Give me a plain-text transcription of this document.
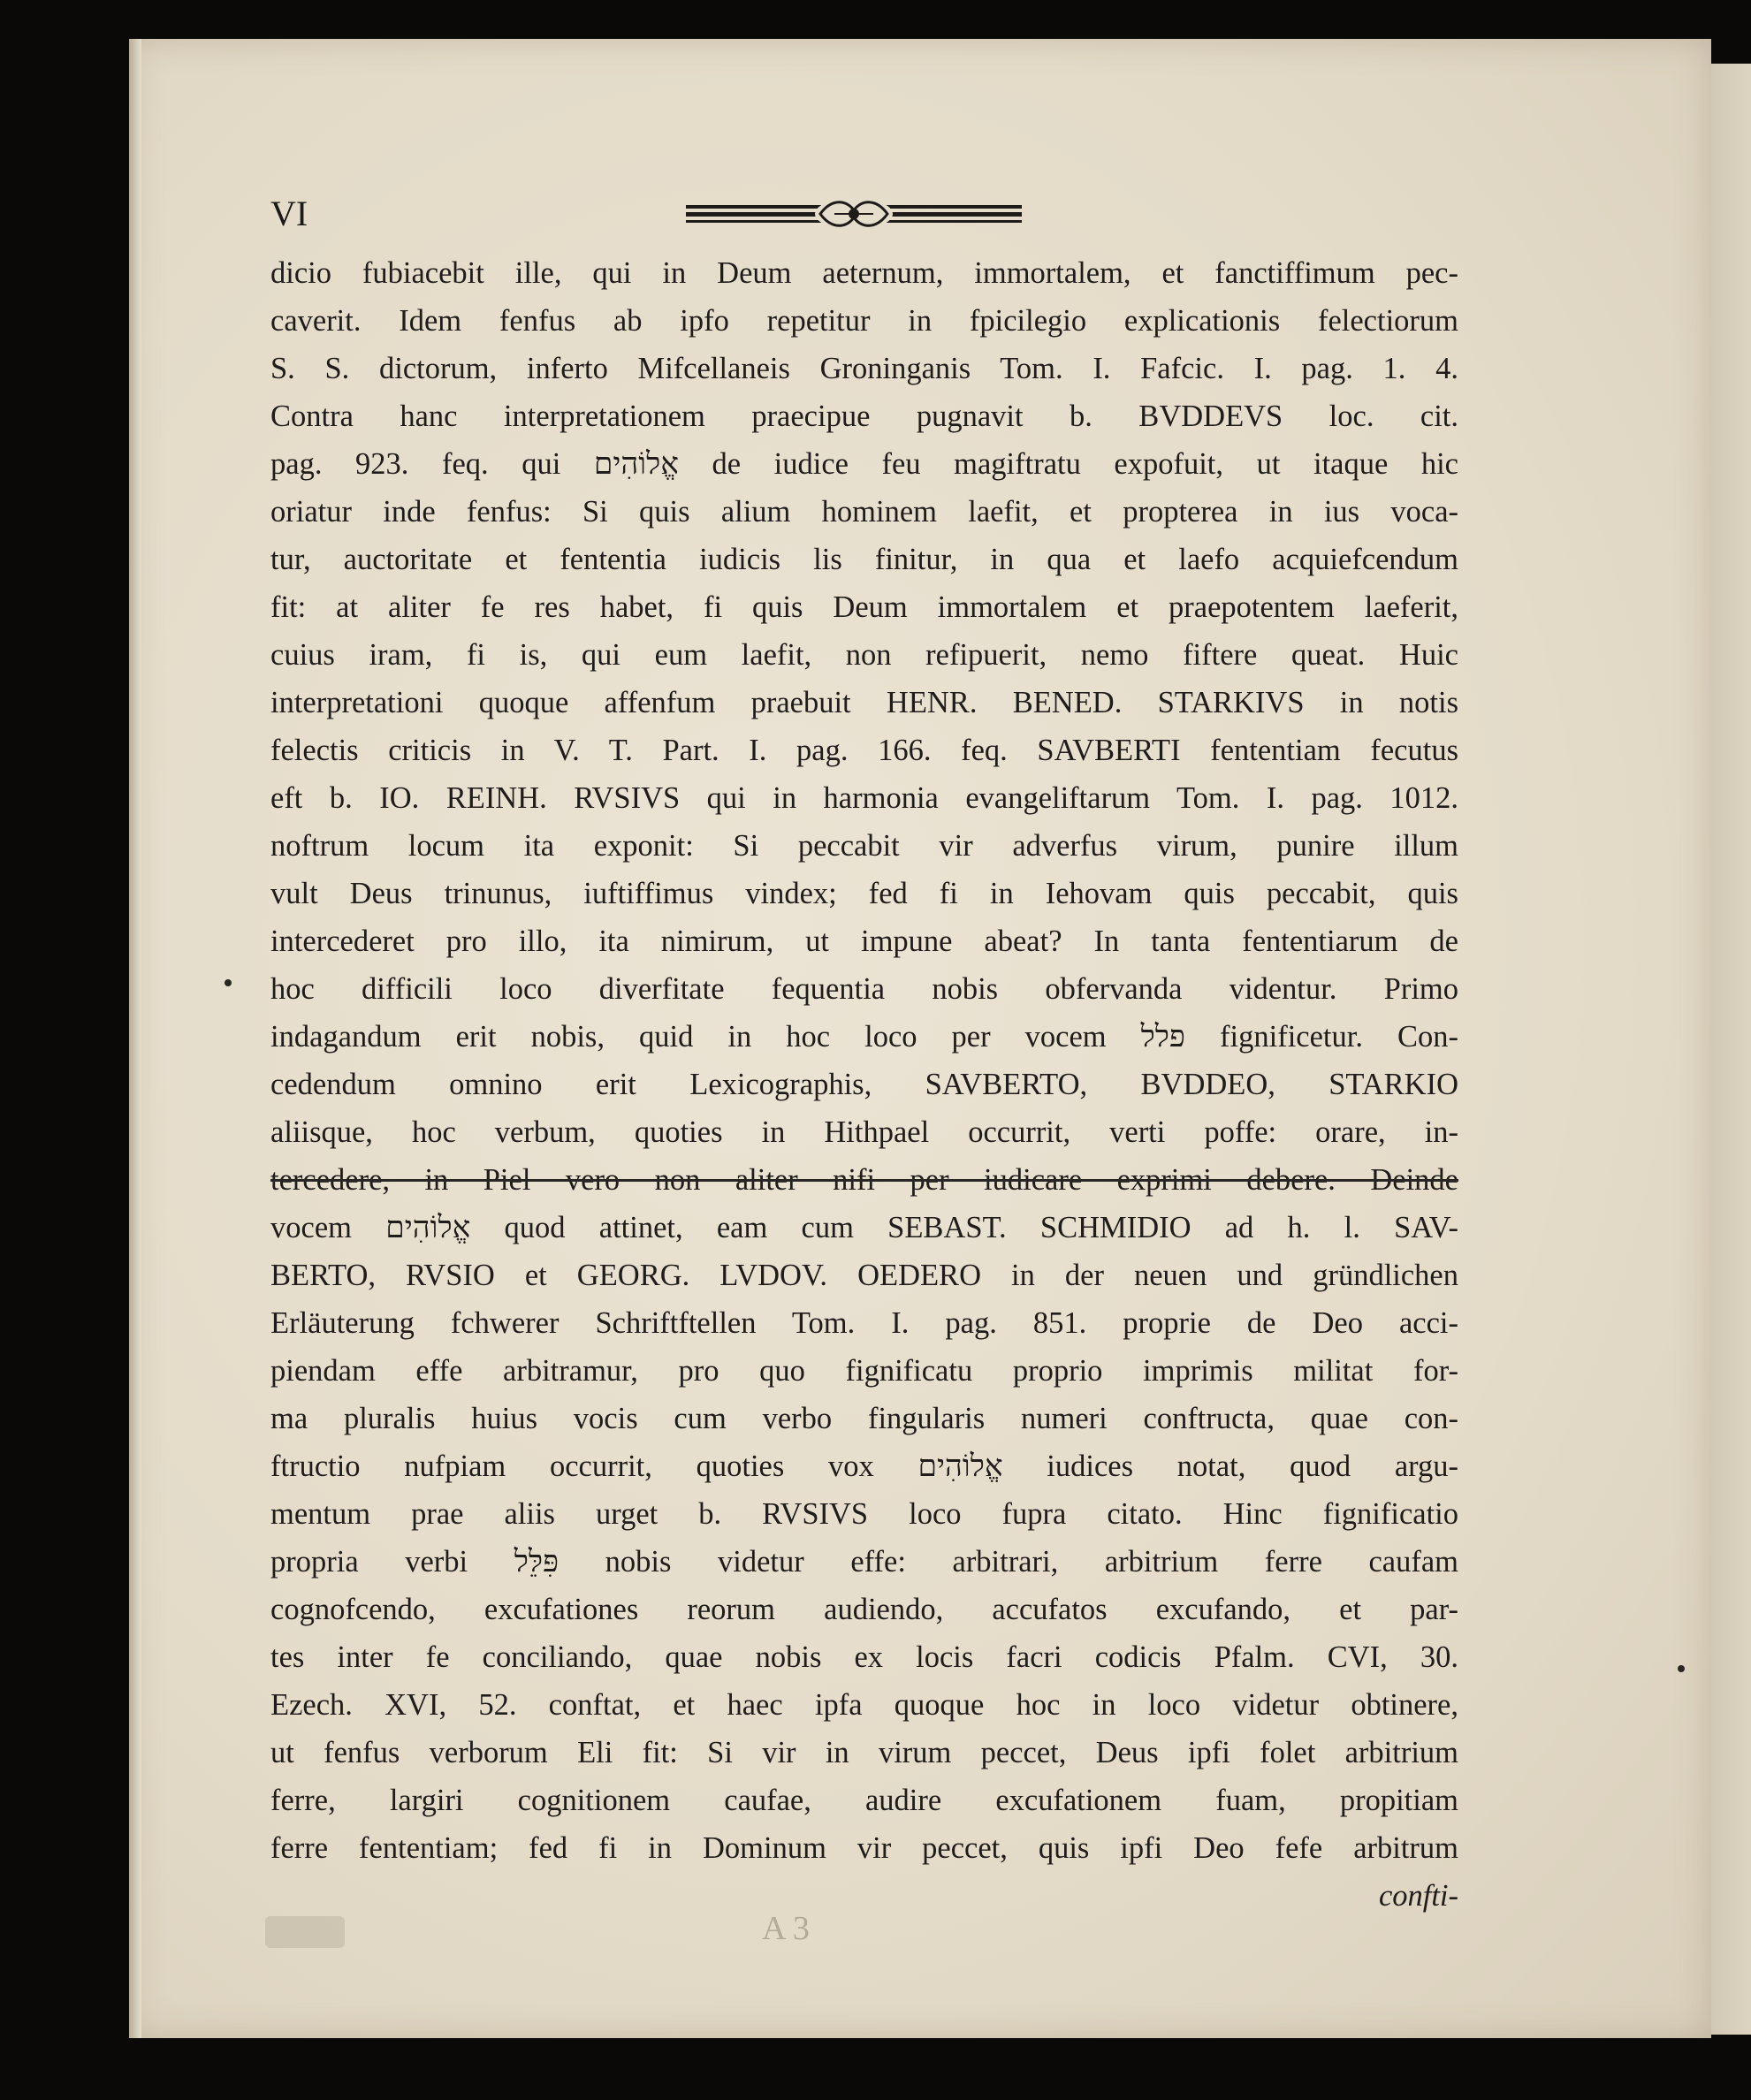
VI
dicio fubiacebit ille, qui in Deum aeternum, immortalem, et fanctiffimum pec-
caverit. Idem fenfus ab ipfo repetitur in fpicilegio explicationis felectiorum
S. S. dictorum, inferto Mifcellaneis Groninganis Tom. I. Fafcic. I. pag. 1. 4.
Contra hanc interpretationem praecipue pugnavit b. BVDDEVS loc. cit.
pag. 923. feq. qui אֱלוֹהִים de iudice feu magiftratu expofuit, ut itaque hic
oriatur inde fenfus: Si quis alium hominem laefit, et propterea in ius voca-
tur, auctoritate et fententia iudicis lis finitur, in qua et laefo acquiefcendum
fit: at aliter fe res habet, fi quis Deum immortalem et praepotentem laeferit,
cuius iram, fi is, qui eum laefit, non refipuerit, nemo fiftere queat. Huic
interpretationi quoque affenfum praebuit HENR. BENED. STARKIVS in notis
felectis criticis in V. T. Part. I. pag. 166. feq. SAVBERTI fententiam fecutus
eft b. IO. REINH. RVSIVS qui in harmonia evangeliftarum Tom. I. pag. 1012.
noftrum locum ita exponit: Si peccabit vir adverfus virum, punire illum
vult Deus trinunus, iuftiffimus vindex; fed fi in Iehovam quis peccabit, quis
intercederet pro illo, ita nimirum, ut impune abeat? In tanta fententiarum de
hoc difficili loco diverfitate fequentia nobis obfervanda videntur. Primo
indagandum erit nobis, quid in hoc loco per vocem פלל fignificetur. Con-
cedendum omnino erit Lexicographis, SAVBERTO, BVDDEO, STARKIO
aliisque, hoc verbum, quoties in Hithpael occurrit, verti poffe: orare, in-
tercedere, in Piel vero non aliter nifi per iudicare exprimi debere. Deinde
vocem אֱלוֹהִים quod attinet, eam cum SEBAST. SCHMIDIO ad h. l. SAV-
BERTO, RVSIO et GEORG. LVDOV. OEDERO in der neuen und gründlichen
Erläuterung fchwerer Schriftftellen Tom. I. pag. 851. proprie de Deo acci-
piendam effe arbitramur, pro quo fignificatu proprio imprimis militat for-
ma pluralis huius vocis cum verbo fingularis numeri conftructa, quae con-
ftructio nufpiam occurrit, quoties vox אֱלוֹהִים iudices notat, quod argu-
mentum prae aliis urget b. RVSIVS loco fupra citato. Hinc fignificatio
propria verbi פִּלֵּל nobis videtur effe: arbitrari, arbitrium ferre caufam
cognofcendo, excufationes reorum audiendo, accufatos excufando, et par-
tes inter fe conciliando, quae nobis ex locis facri codicis Pfalm. CVI, 30.
Ezech. XVI, 52. conftat, et haec ipfa quoque hoc in loco videtur obtinere,
ut fenfus verborum Eli fit: Si vir in virum peccet, Deus ipfi folet arbitrium
ferre, largiri cognitionem caufae, audire excufationem fuam, propitiam
ferre fententiam; fed fi in Dominum vir peccet, quis ipfi Deo fefe arbitrum
confti-
A 3
